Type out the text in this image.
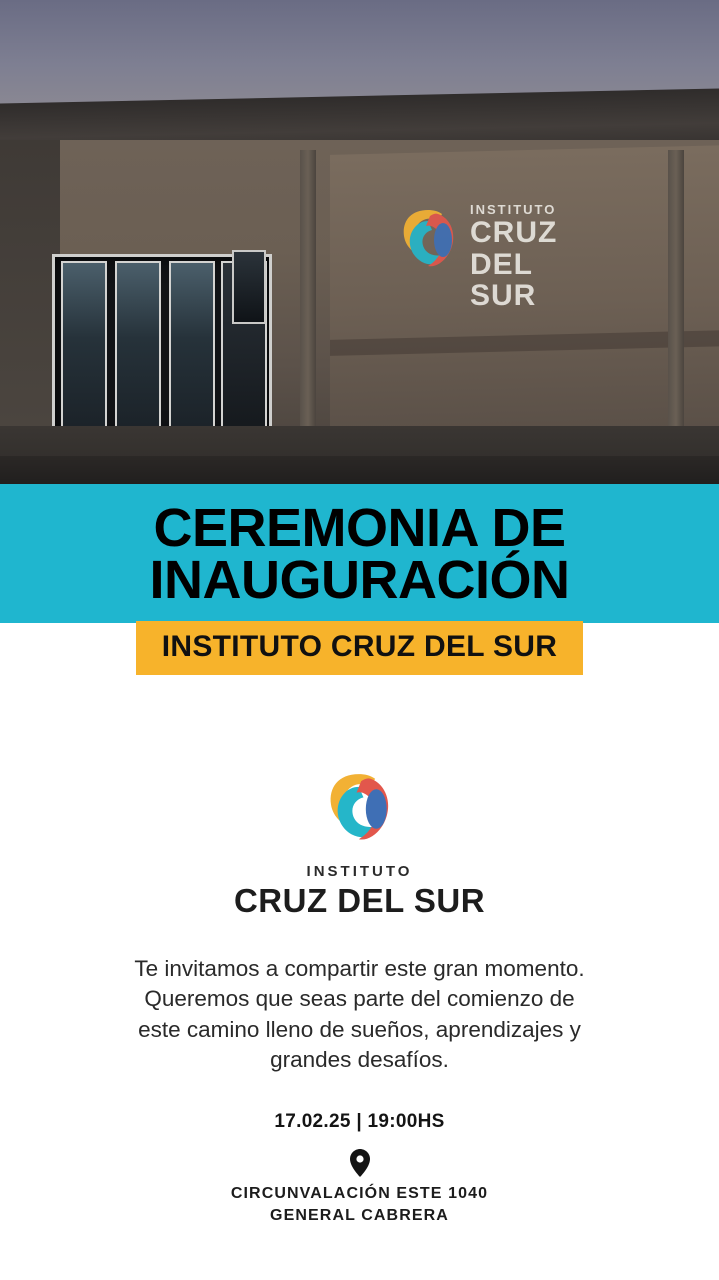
INSTITUTO
CRUZ
DEL SUR
CEREMONIA DE
INAUGURACIÓN
INSTITUTO CRUZ DEL SUR
INSTITUTO
CRUZ DEL SUR
Te invitamos a compartir este gran momento. Queremos que seas parte del comienzo de este camino lleno de sueños, aprendizajes y grandes desafíos.
17.02.25 | 19:00HS
CIRCUNVALACIÓN ESTE 1040
GENERAL CABRERA
